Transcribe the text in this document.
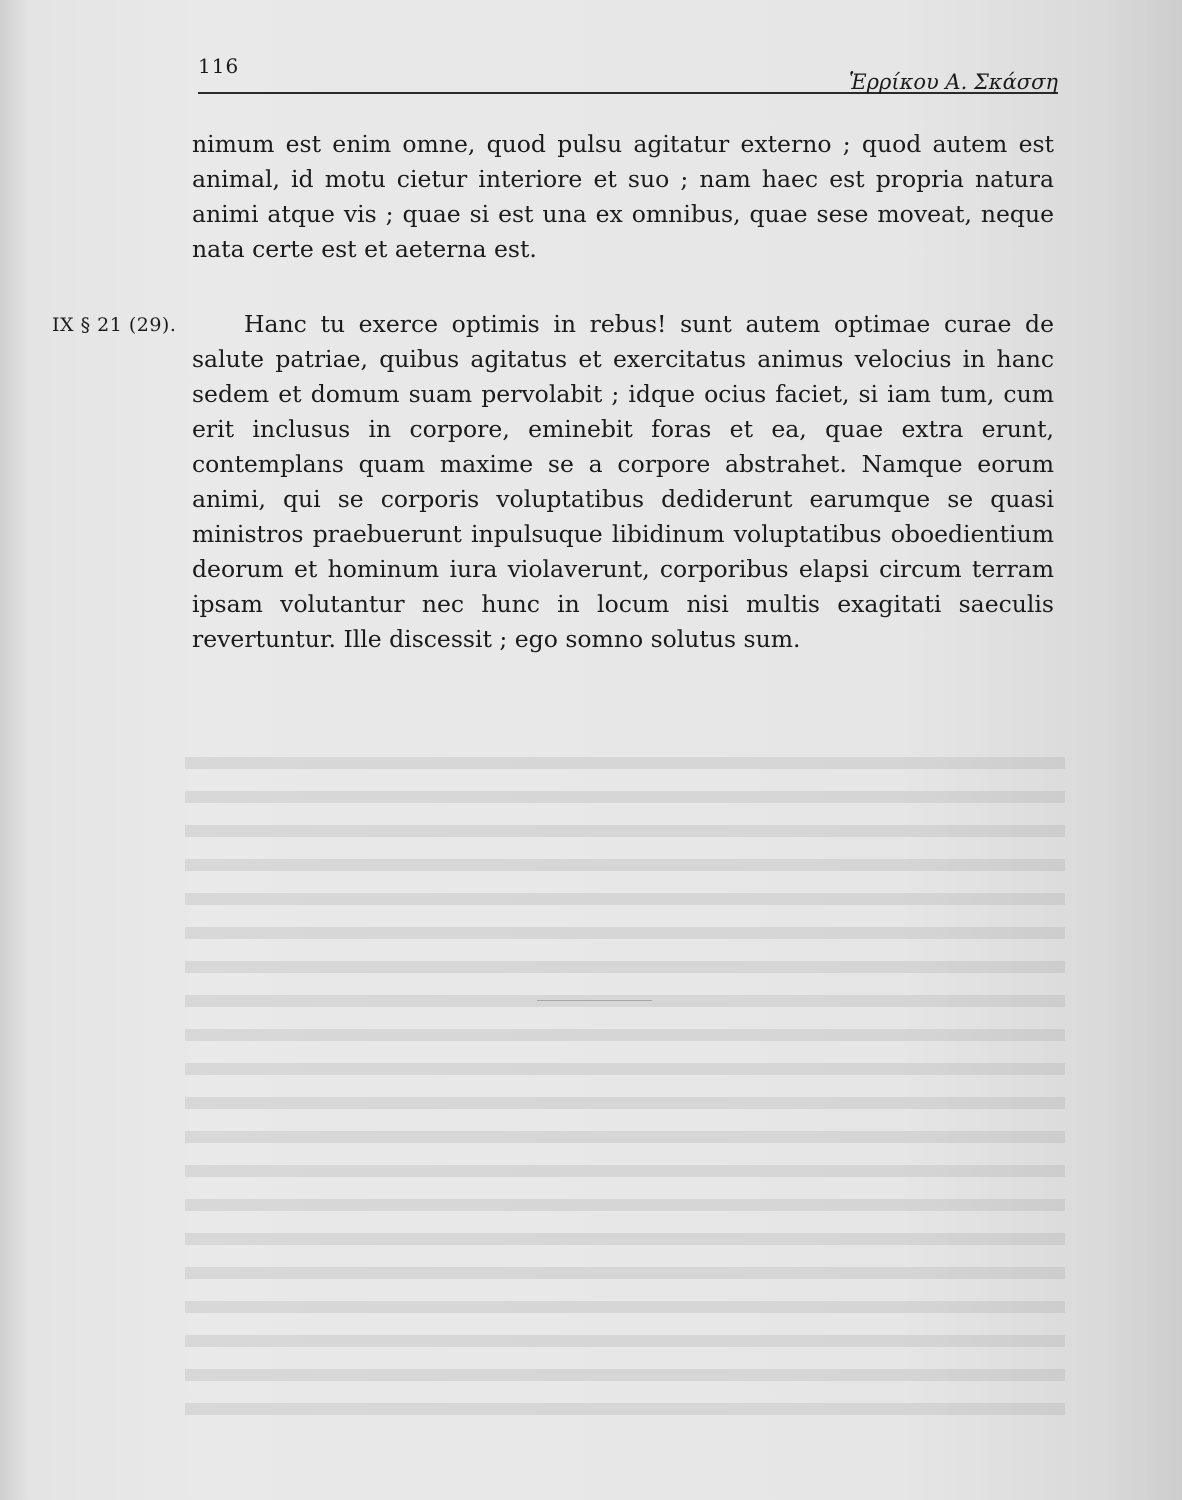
116
Ἑρρίκου Α. Σκάσση

nimum est enim omne, quod pulsu agitatur externo ; quod autem est animal, id motu cietur interiore et suo ; nam haec est propria natura animi atque vis ; quae si est una ex omnibus, quae sese moveat, neque nata certe est et aeterna est.

IX § 21 (29).	Hanc tu exerce optimis in rebus! sunt autem optimae curae de salute patriae, quibus agitatus et exercitatus animus velocius in hanc sedem et domum suam pervolabit ; idque ocius faciet, si iam tum, cum erit inclusus in corpore, eminebit foras et ea, quae extra erunt, contemplans quam maxime se a corpore abstrahet. Namque eorum animi, qui se corporis voluptatibus dediderunt earumque se quasi ministros praebuerunt inpulsuque libidinum voluptatibus oboedientium deorum et hominum iura violaverunt, corporibus elapsi circum terram ipsam volutantur nec hunc in locum nisi multis exagitati saeculis revertuntur. Ille discessit ; ego somno solutus sum.
